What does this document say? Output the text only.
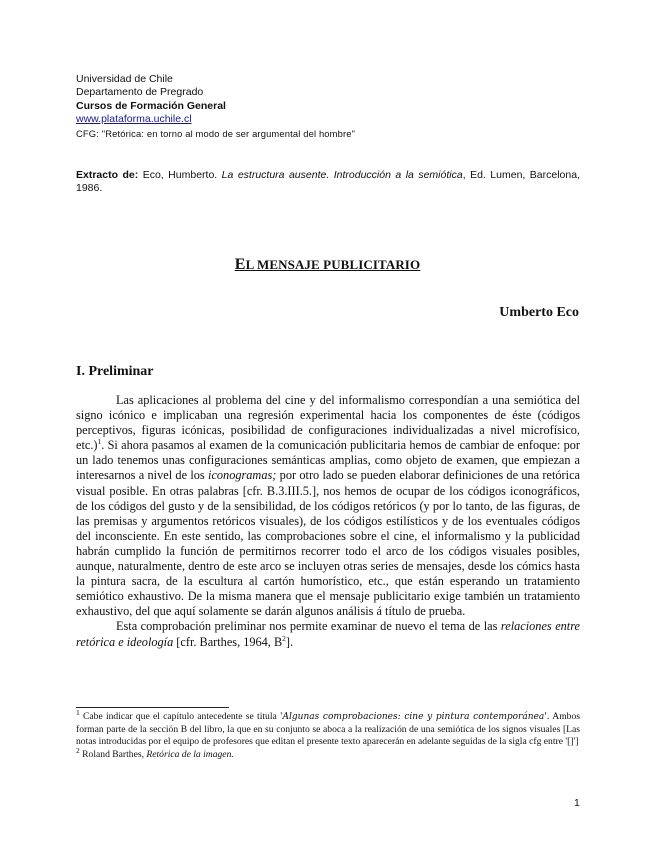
Universidad de Chile
Departamento de Pregrado
Cursos de Formación General
www.plataforma.uchile.cl
CFG: "Retórica: en torno al modo de ser argumental del hombre"
Extracto de: Eco, Humberto. La estructura ausente. Introducción a la semiótica, Ed. Lumen, Barcelona, 1986.
EL MENSAJE PUBLICITARIO
Umberto Eco
I. Preliminar

Las aplicaciones al problema del cine y del informalismo correspondían a una semiótica del signo icónico e implicaban una regresión experimental hacia los componentes de éste (códigos perceptivos, figuras icónicas, posibilidad de configuraciones individualizadas a nivel microfísico, etc.)$^1$. Si ahora pasamos al examen de la comunicación publicitaria hemos de cambiar de enfoque: por un lado tenemos unas configuraciones semánticas amplias, como objeto de examen, que empiezan a interesarnos a nivel de los iconogramas; por otro lado se pueden elaborar definiciones de una retórica visual posible. En otras palabras [cfr. B.3.III.5.], nos hemos de ocupar de los códigos iconográficos, de los códigos del gusto y de la sensibilidad, de los códigos retóricos (y por lo tanto, de las figuras, de las premisas y argumentos retóricos visuales), de los códigos estilísticos y de los eventuales códigos del inconsciente. En este sentido, las comprobaciones sobre el cine, el informalismo y la publicidad habrán cumplido la función de permitirnos recorrer todo el arco de los códigos visuales posibles, aunque, naturalmente, dentro de este arco se incluyen otras series de mensajes, desde los cómics hasta la pintura sacra, de la escultura al cartón humorístico, etc., que están esperando un tratamiento semiótico exhaustivo. De la misma manera que el mensaje publicitario exige también un tratamiento exhaustivo, del que aquí solamente se darán algunos análisis á título de prueba.

Esta comprobación preliminar nos permite examinar de nuevo el tema de las relaciones entre retórica e ideología [cfr. Barthes, 1964, $B^2$].

$^1$ Cabe indicar que el capítulo antecedente se titula 'Algunas comprobaciones: cine y pintura contemporánea'. Ambos forman parte de la sección B del libro, la que en su conjunto se aboca a la realización de una semiótica de los signos visuales [Las notas introducidas por el equipo de profesores que editan el presente texto aparecerán en adelante seguidas de la sigla cfg entre '[]']

$^2$ Roland Barthes, Retórica de la imagen.

1
